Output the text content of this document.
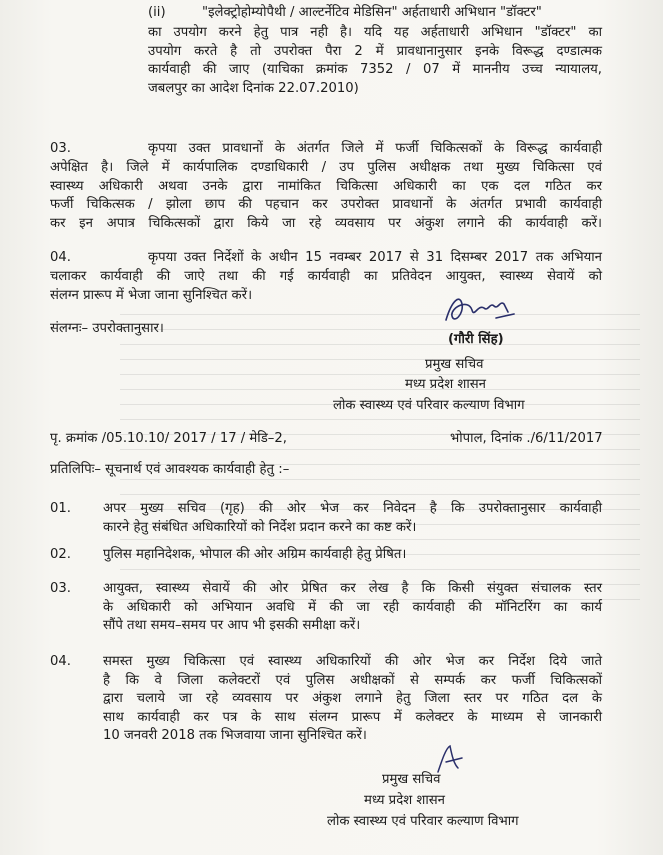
(ii)	"इलेक्ट्रोहोम्योपैथी / आल्टर्नेटिव मेडिसिन" अर्हताधारी अभिधान "डॉक्टर"
का उपयोग करने हेतु पात्र नही है। यदि यह अर्हताधारी अभिधान "डॉक्टर" का
उपयोग करते है तो उपरोक्त पैरा 2 में प्रावधानानुसार इनके विरूद्ध दण्डात्मक
कार्यवाही की जाए (याचिका क्रमांक 7352 / 07 में माननीय उच्च न्यायालय,
जबलपुर का आदेश दिनांक 22.07.2010)
03.	कृपया उक्त प्रावधानों के अंतर्गत जिले में फर्जी चिकित्सकों के विरूद्ध कार्यवाही
अपेक्षित है। जिले में कार्यपालिक दण्डाधिकारी / उप पुलिस अधीक्षक तथा मुख्य चिकित्सा एवं
स्वास्थ्य अधिकारी अथवा उनके द्वारा नामांकित चिकित्सा अधिकारी का एक दल गठित कर
फर्जी चिकित्सक / झोला छाप की पहचान कर उपरोक्त प्रावधानों के अंतर्गत प्रभावी कार्यवाही
कर इन अपात्र चिकित्सकों द्वारा किये जा रहे व्यवसाय पर अंकुश लगाने की कार्यवाही करें।
04.	कृपया उक्त निर्देशों के अधीन 15 नवम्बर 2017 से 31 दिसम्बर 2017 तक अभियान
चलाकर कार्यवाही की जाऐ तथा की गई कार्यवाही का प्रतिवेदन आयुक्त, स्वास्थ्य सेवायें को
संलग्न प्रारूप में भेजा जाना सुनिश्चित करें।
संलग्नः– उपरोक्तानुसार।
(गौरी सिंह)
प्रमुख सचिव
मध्य प्रदेश शासन
लोक स्वास्थ्य एवं परिवार कल्याण विभाग
पृ. क्रमांक /05.10.10/ 2017 / 17 / मेडि–2,	भोपाल, दिनांक ./6/11/2017
प्रतिलिपिः– सूचनार्थ एवं आवश्यक कार्यवाही हेतु :–
01. अपर मुख्य सचिव (गृह) की ओर भेज कर निवेदन है कि उपरोक्तानुसार कार्यवाही
कारने हेतु संबंधित अधिकारियों को निर्देश प्रदान करने का कष्ट करें।
02. पुलिस महानिदेशक, भोपाल की ओर अग्रिम कार्यवाही हेतु प्रेषित।
03. आयुक्त, स्वास्थ्य सेवायें की ओर प्रेषित कर लेख है कि किसी संयुक्त संचालक स्तर
के अधिकारी को अभियान अवधि में की जा रही कार्यवाही की मॉनिटरिंग का कार्य
सौंपे तथा समय–समय पर आप भी इसकी समीक्षा करें।
04. समस्त मुख्य चिकित्सा एवं स्वास्थ्य अधिकारियों की ओर भेज कर निर्देश दिये जाते
है कि वे जिला कलेक्टरों एवं पुलिस अधीक्षकों से सम्पर्क कर फर्जी चिकित्सकों
द्वारा चलाये जा रहे व्यवसाय पर अंकुश लगाने हेतु जिला स्तर पर गठित दल के
साथ कार्यवाही कर पत्र के साथ संलग्न प्रारूप में कलेक्टर के माध्यम से जानकारी
10 जनवरी 2018 तक भिजवाया जाना सुनिश्चित करें।
प्रमुख सचिव
मध्य प्रदेश शासन
लोक स्वास्थ्य एवं परिवार कल्याण विभाग
